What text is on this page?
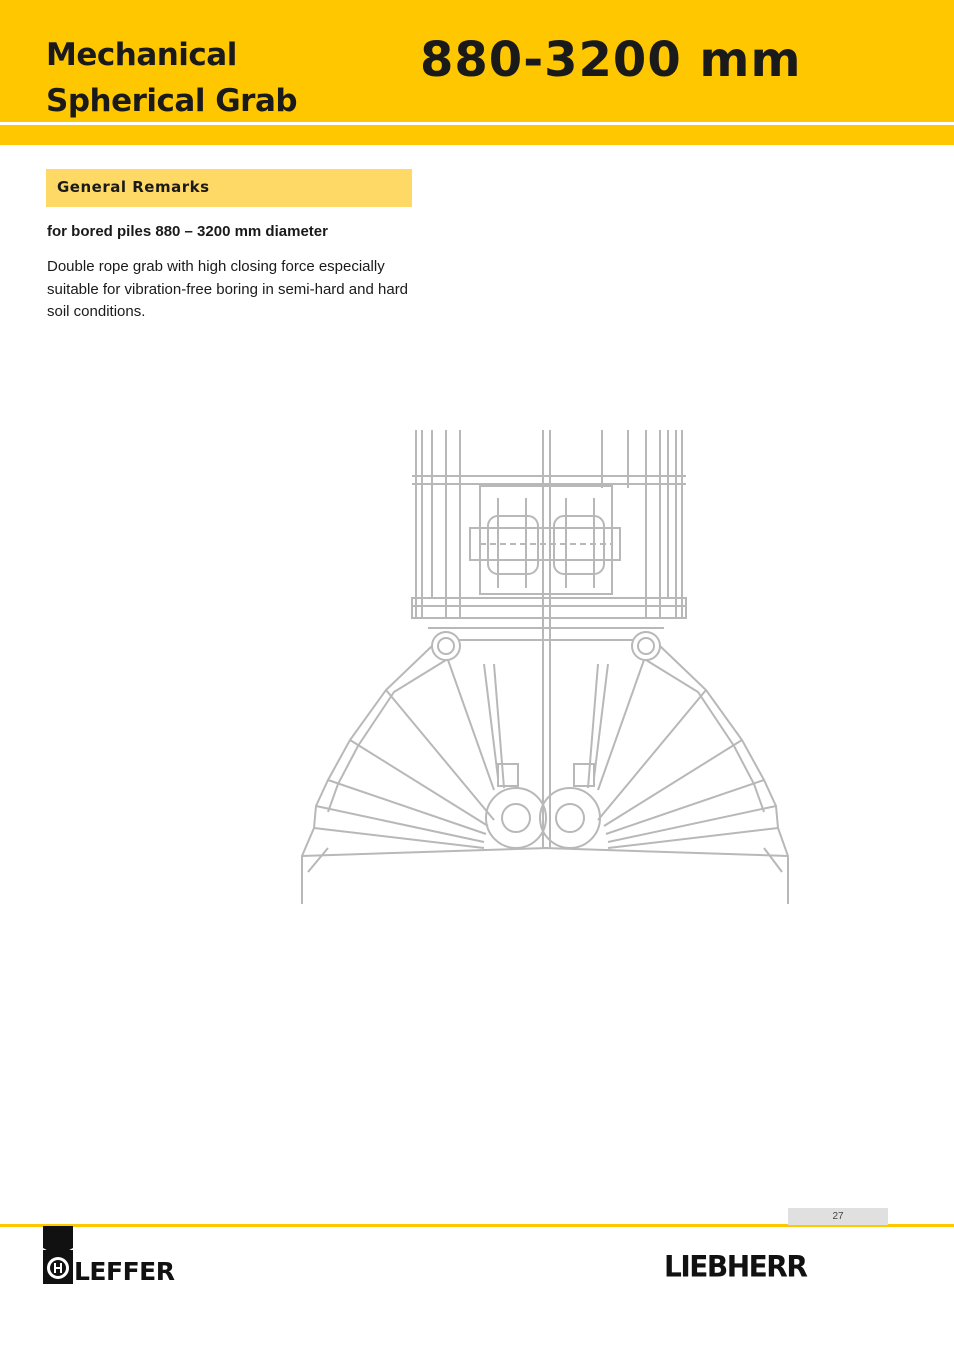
Mechanical
Spherical Grab
880-3200 mm
General Remarks

for bored piles 880 – 3200 mm diameter

Double rope grab with high closing force especially suitable for vibration-free boring in semi-hard and hard soil conditions.

27
LEFFER	LIEBHERR
